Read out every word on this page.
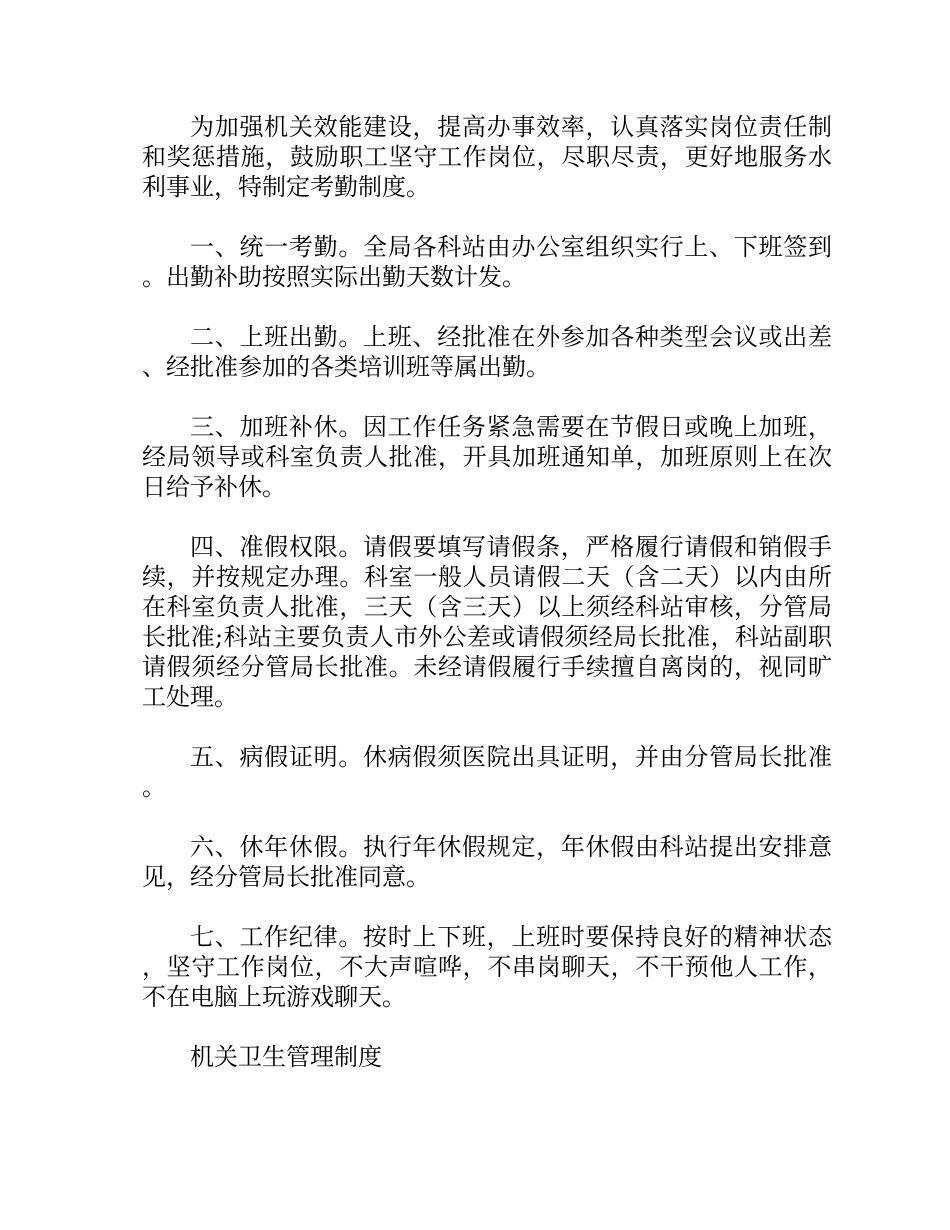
为加强机关效能建设，提高办事效率，认真落实岗位责任制和奖惩措施，鼓励职工坚守工作岗位，尽职尽责，更好地服务水利事业，特制定考勤制度。

一、统一考勤。全局各科站由办公室组织实行上、下班签到。出勤补助按照实际出勤天数计发。

二、上班出勤。上班、经批准在外参加各种类型会议或出差、经批准参加的各类培训班等属出勤。

三、加班补休。因工作任务紧急需要在节假日或晚上加班，经局领导或科室负责人批准，开具加班通知单，加班原则上在次日给予补休。

四、准假权限。请假要填写请假条，严格履行请假和销假手续，并按规定办理。科室一般人员请假二天（含二天）以内由所在科室负责人批准，三天（含三天）以上须经科站审核，分管局长批准;科站主要负责人市外公差或请假须经局长批准，科站副职请假须经分管局长批准。未经请假履行手续擅自离岗的，视同旷工处理。

五、病假证明。休病假须医院出具证明，并由分管局长批准。

六、休年休假。执行年休假规定，年休假由科站提出安排意见，经分管局长批准同意。

七、工作纪律。按时上下班，上班时要保持良好的精神状态，坚守工作岗位，不大声喧哗，不串岗聊天，不干预他人工作，不在电脑上玩游戏聊天。

机关卫生管理制度
